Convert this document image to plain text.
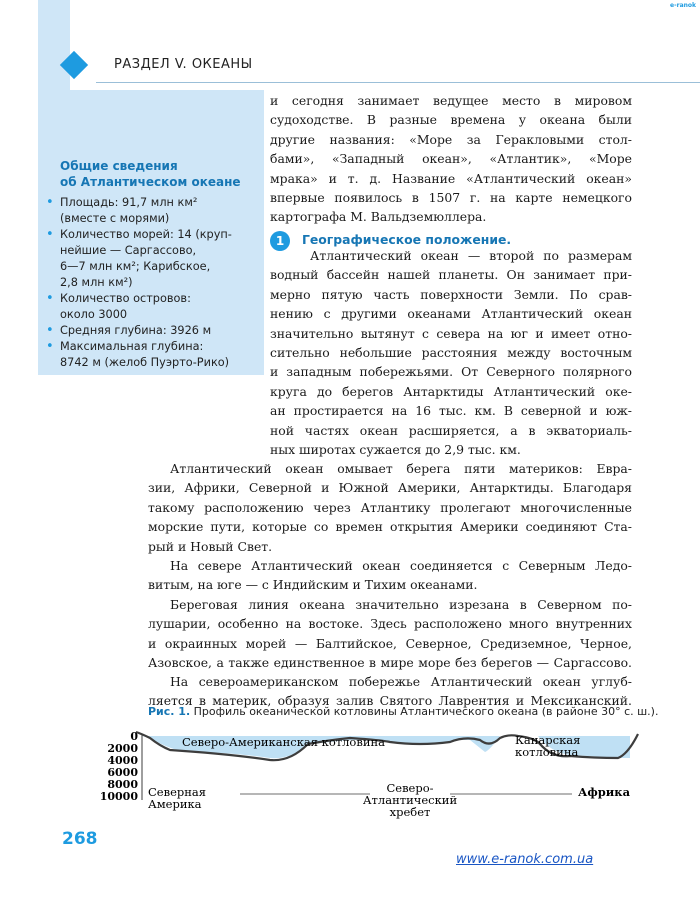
РАЗДЕЛ V. ОКЕАНЫ
e-ranok
Общие сведения
об Атлантическом океане
• Площадь: 91,7 млн км²
(вместе с морями)
• Количество морей: 14 (круп-
нейшие — Саргассово,
6—7 млн км²; Карибское,
2,8 млн км²)
• Количество островов:
около 3000
• Средняя глубина: 3926 м
• Максимальная глубина:
8742 м (желоб Пуэрто-Рико)
и сегодня занимает ведущее место в мировом
судоходстве. В разные времена у океана были
другие названия: «Море за Геракловыми стол-
бами», «Западный океан», «Атлантик», «Море
мрака» и т. д. Название «Атлантический океан»
впервые появилось в 1507 г. на карте немецкого
картографа М. Вальдземюллера.
1	Географическое положение.
Атлантический океан — второй по размерам
водный бассейн нашей планеты. Он занимает при-
мерно пятую часть поверхности Земли. По срав-
нению с другими океанами Атлантический океан
значительно вытянут с севера на юг и имеет отно-
сительно небольшие расстояния между восточным
и западным побережьями. От Северного полярного
круга до берегов Антарктиды Атлантический оке-
ан простирается на 16 тыс. км. В северной и юж-
ной частях океан расширяется, а в экваториаль-
ных широтах сужается до 2,9 тыс. км.
Атлантический океан омывает берега пяти материков: Евра-
зии, Африки, Северной и Южной Америки, Антарктиды. Благодаря
такому расположению через Атлантику пролегают многочисленные
морские пути, которые со времен открытия Америки соединяют Ста-
рый и Новый Свет.
На севере Атлантический океан соединяется с Северным Ледо-
витым, на юге — с Индийским и Тихим океанами.
Береговая линия океана значительно изрезана в Северном по-
лушарии, особенно на востоке. Здесь расположено много внутренних
и окраинных морей — Балтийское, Северное, Средиземное, Черное,
Азовское, а также единственное в мире море без берегов — Саргассово.
На североамериканском побережье Атлантический океан углуб-
ляется в материк, образуя залив Святого Лаврентия и Мексиканский.
Рис. 1. Профиль океанической котловины Атлантического океана (в районе 30° с. ш.).
0
2000
4000
6000
8000
10000
Северо-Американская котловина	Канарская
котловина
Северная
Америка
Северо-
Атлантический
хребет
Африка
268
www.e-ranok.com.ua
